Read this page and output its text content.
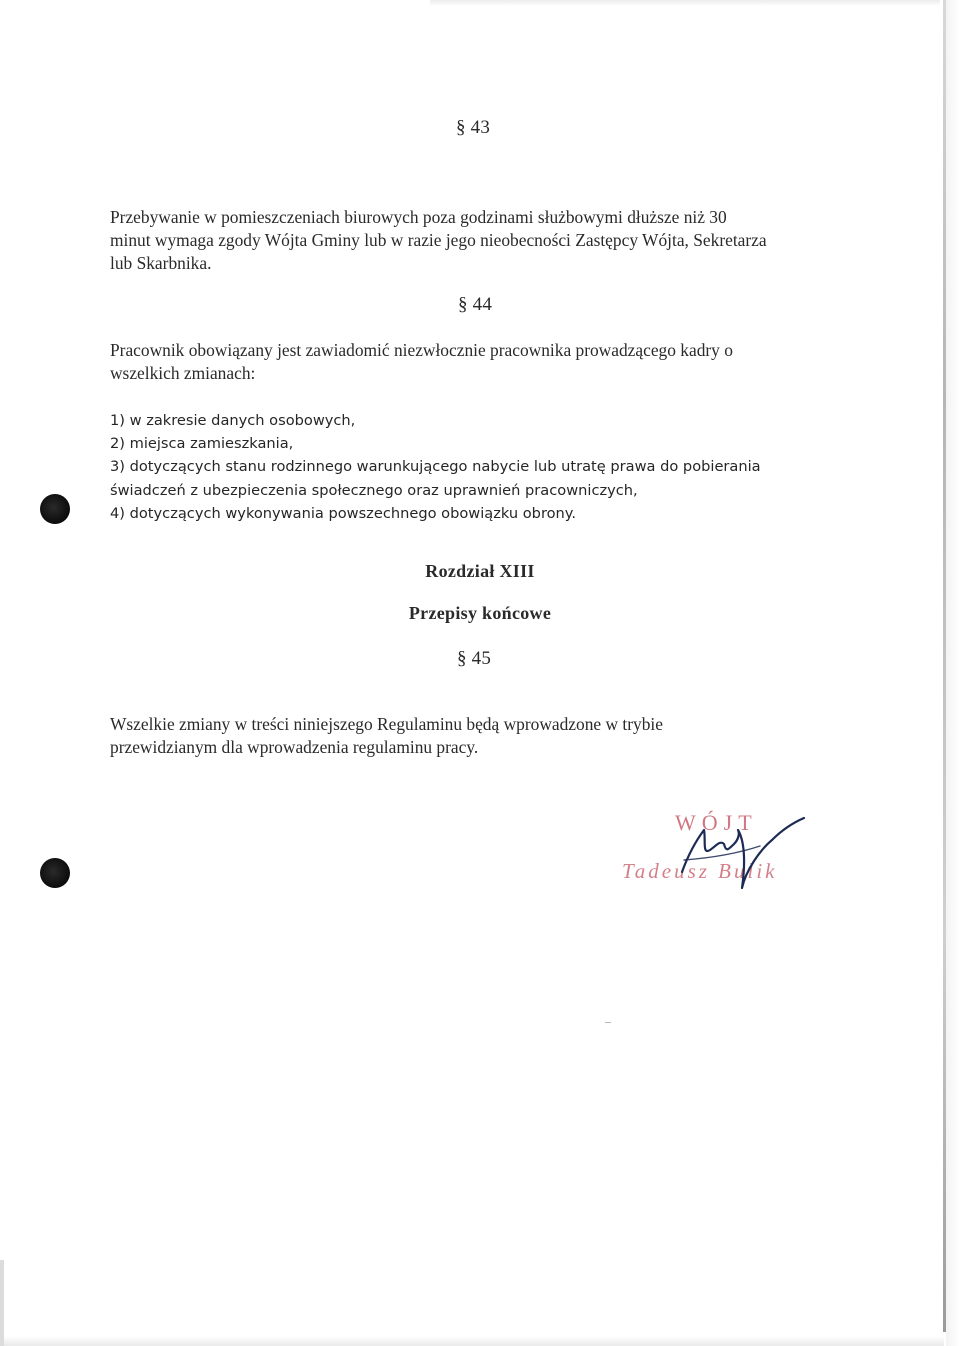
§ 43
Przebywanie w pomieszczeniach biurowych poza godzinami służbowymi dłuższe niż 30
minut wymaga zgody Wójta Gminy lub w razie jego nieobecności Zastępcy Wójta, Sekretarza
lub Skarbnika.
§ 44
Pracownik obowiązany jest zawiadomić niezwłocznie pracownika prowadzącego kadry o
wszelkich zmianach:
1) w zakresie danych osobowych,
2) miejsca zamieszkania,
3) dotyczących stanu rodzinnego warunkującego nabycie lub utratę prawa do pobierania
świadczeń z ubezpieczenia społecznego oraz uprawnień pracowniczych,
4) dotyczących wykonywania powszechnego obowiązku obrony.
Rozdział XIII
Przepisy końcowe
§ 45
Wszelkie zmiany w treści niniejszego Regulaminu będą wprowadzone w trybie
przewidzianym dla wprowadzenia regulaminu pracy.
WÓJT
Tadeusz Bulik
